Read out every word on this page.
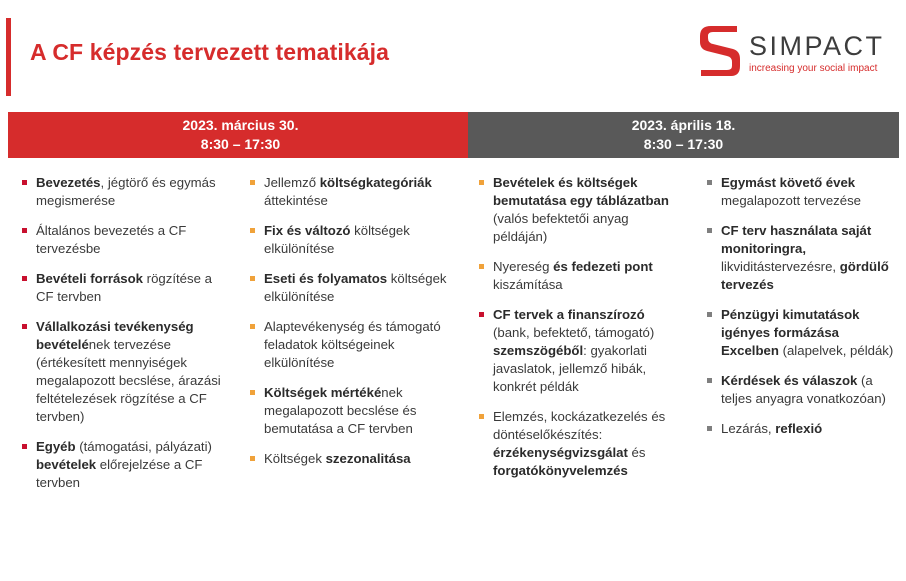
A CF képzés tervezett tematikája	SIMPACT
increasing your social impact
2023. március 30.
8:30 – 17:30
2023. április 18.
8:30 – 17:30
Bevezetés, jégtörő és egymás megismerése
Általános bevezetés a CF tervezésbe
Bevételi források rögzítése a CF tervben
Vállalkozási tevékenység bevételének tervezése (értékesített mennyiségek megalapozott becslése, árazási feltételezések rögzítése a CF tervben)
Egyéb (támogatási, pályázati) bevételek előrejelzése a CF tervben
Jellemző költségkategóriák áttekintése
Fix és változó költségek elkülönítése
Eseti és folyamatos költségek elkülönítése
Alaptevékenység és támogató feladatok költségeinek elkülönítése
Költségek mértékének megalapozott becslése és bemutatása a CF tervben
Költségek szezonalitása
Bevételek és költségek bemutatása egy táblázatban (valós befektetői anyag példáján)
Nyereség és fedezeti pont kiszámítása
CF tervek a finanszírozó (bank, befektető, támogató) szemszögéből: gyakorlati javaslatok, jellemző hibák, konkrét példák
Elemzés, kockázatkezelés és döntéselőkészítés: érzékenységvizsgálat és forgatókönyvelemzés
Egymást követő évek megalapozott tervezése
CF terv használata saját monitoringra, likviditástervezésre, gördülő tervezés
Pénzügyi kimutatások igényes formázása Excelben (alapelvek, példák)
Kérdések és válaszok (a teljes anyagra vonatkozóan)
Lezárás, reflexió
